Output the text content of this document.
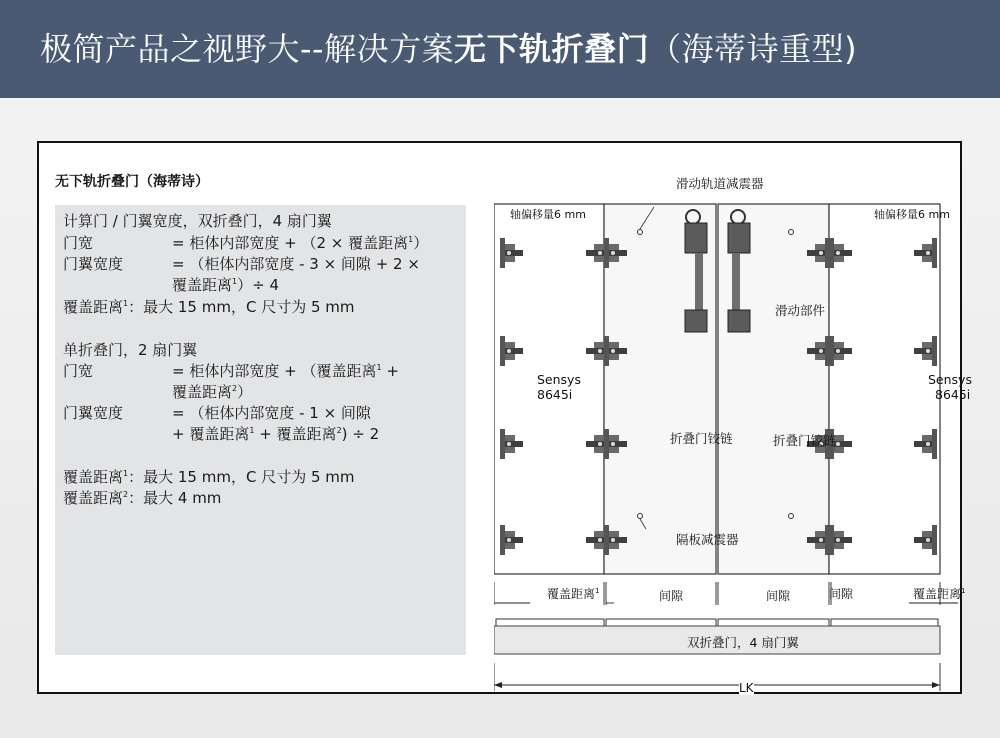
极简产品之视野大--解决方案无下轨折叠门（海蒂诗重型)
无下轨折叠门（海蒂诗）
计算门 / 门翼宽度，双折叠门，4 扇门翼
门宽	= 柜体内部宽度 + （2 × 覆盖距离$^1$）
门翼宽度	= （柜体内部宽度 - 3 × 间隙 + 2 ×
覆盖距离$^1$）÷ 4
覆盖距离$^1$：最大 15 mm，C 尺寸为 5 mm
单折叠门，2 扇门翼
门宽	= 柜体内部宽度 + （覆盖距离$^1$ +
覆盖距离$^2$）
门翼宽度	= （柜体内部宽度 - 1 × 间隙
+ 覆盖距离$^1$ + 覆盖距离$^2$) ÷ 2
覆盖距离$^1$：最大 15 mm，C 尺寸为 5 mm
覆盖距离$^2$：最大 4 mm
滑动轨道减震器
轴偏移量6 mm	轴偏移量6 mm
滑动部件
Sensys
8645i
Sensys
8645i
折叠门铰链	折叠门铰链
隔板减震器
覆盖距离$^1$	间隙	间隙	间隙	覆盖距离$^1$
双折叠门，4 扇门翼
LK
